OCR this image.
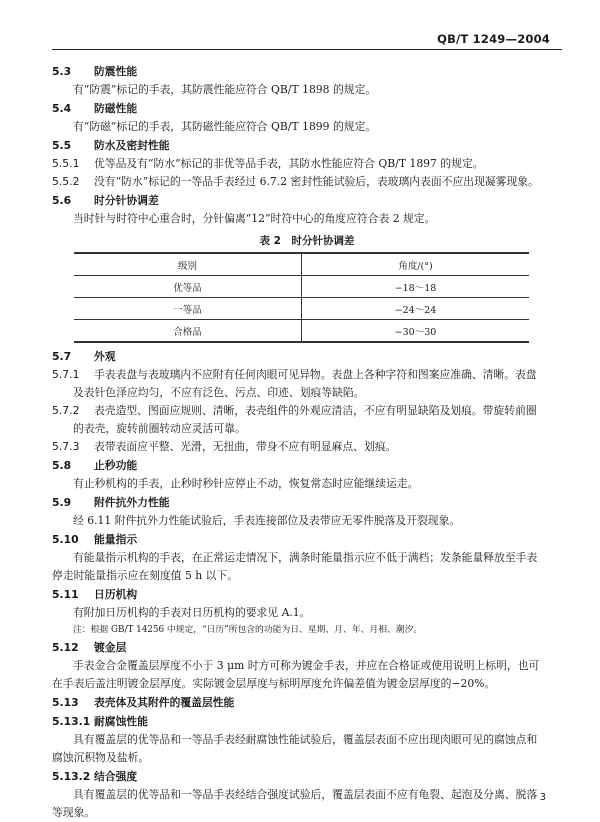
QB/T 1249—2004
5.3 防震性能
有“防震”标记的手表，其防震性能应符合 QB/T 1898 的规定。
5.4 防磁性能
有“防磁”标记的手表，其防磁性能应符合 QB/T 1899 的规定。
5.5 防水及密封性能
5.5.1 优等品及有“防水”标记的非优等品手表，其防水性能应符合 QB/T 1897 的规定。
5.5.2 没有“防水”标记的一等品手表经过 6.7.2 密封性能试验后，表玻璃内表面不应出现凝雾现象。
5.6 时分针协调差
当时针与时符中心重合时，分针偏离“12”时符中心的角度应符合表 2 规定。
表 2　时分针协调差
级别	角度/(°)
优等品	−18～18
一等品	−24～24
合格品	−30～30
5.7 外观
5.7.1 手表表盘与表玻璃内不应附有任何肉眼可见异物。表盘上各种字符和图案应准确、清晰。表盘
及表针色泽应均匀，不应有泛色、污点、印迹、划痕等缺陷。
5.7.2 表壳造型、图面应规则、清晰，表壳组件的外观应清洁，不应有明显缺陷及划痕。带旋转前圈
的表壳，旋转前圈转动应灵活可靠。
5.7.3 表带表面应平整、光滑，无扭曲，带身不应有明显麻点、划痕。
5.8 止秒功能
有止秒机构的手表，止秒时秒针应停止不动，恢复常态时应能继续运走。
5.9 附件抗外力性能
经 6.11 附件抗外力性能试验后，手表连接部位及表带应无零件脱落及开裂现象。
5.10 能量指示
有能量指示机构的手表，在正常运走情况下，满条时能量指示应不低于满档；发条能量释放至手表
停走时能量指示应在刻度值 5 h 以下。
5.11 日历机构
有附加日历机构的手表对日历机构的要求见 A.1。
注：根据 GB/T 14256 中规定，“日历”所包含的功能为日、星期、月、年、月相、潮汐。
5.12 镀金层
手表金合金覆盖层厚度不小于 3 μm 时方可称为镀金手表，并应在合格证或使用说明上标明，也可
在手表后盖注明镀金层厚度。实际镀金层厚度与标明厚度允许偏差值为镀金层厚度的−20%。
5.13 表壳体及其附件的覆盖层性能
5.13.1 耐腐蚀性能
具有覆盖层的优等品和一等品手表经耐腐蚀性能试验后，覆盖层表面不应出现肉眼可见的腐蚀点和
腐蚀沉积物及盐析。
5.13.2 结合强度
具有覆盖层的优等品和一等品手表经结合强度试验后，覆盖层表面不应有龟裂、起泡及分离、脱落
等现象。
3
